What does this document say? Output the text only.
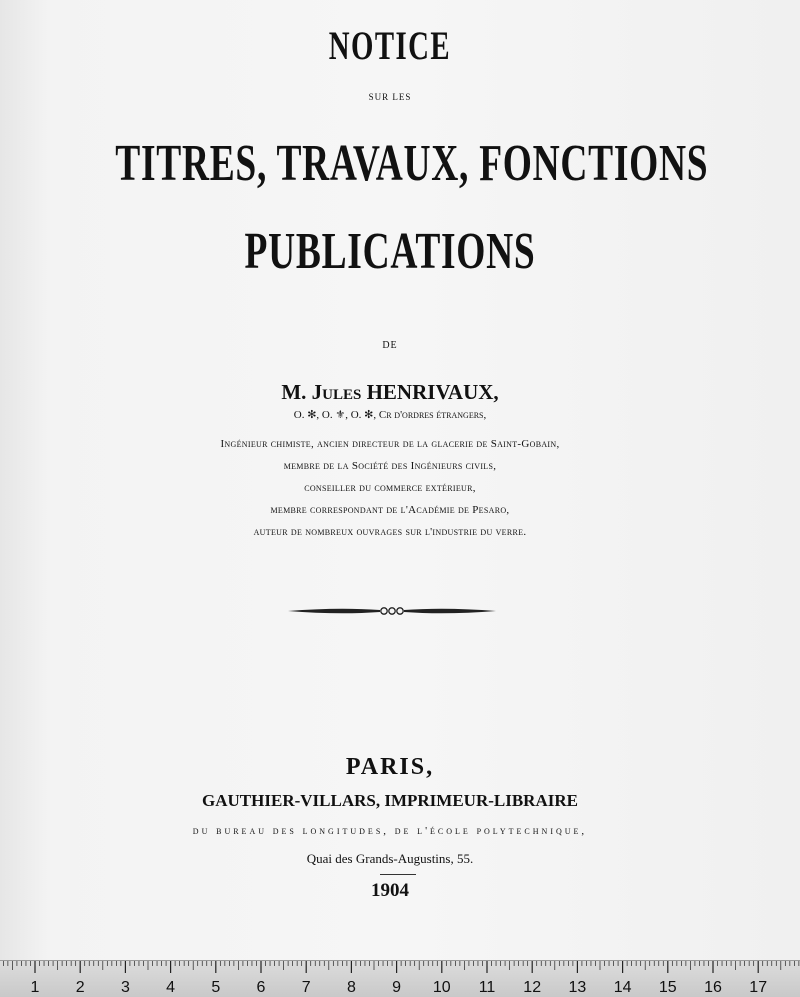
NOTICE
SUR LES
TITRES, TRAVAUX, FONCTIONS
PUBLICATIONS
DE
M. Jules HENRIVAUX,
O. ✻, O. ⚜, O. ✻, Cr d'ordres étrangers,
Ingénieur chimiste, ancien directeur de la glacerie de Saint-Gobain,
membre de la Société des Ingénieurs civils,
conseiller du commerce extérieur,
membre correspondant de l'Académie de Pesaro,
auteur de nombreux ouvrages sur l'industrie du verre.
PARIS,
GAUTHIER-VILLARS, IMPRIMEUR-LIBRAIRE
du bureau des longitudes, de l'école polytechnique,
Quai des Grands-Augustins, 55.
1904
1 2 3 4 5 6 7 8 9 10 11 12 13 14 15 16 17
